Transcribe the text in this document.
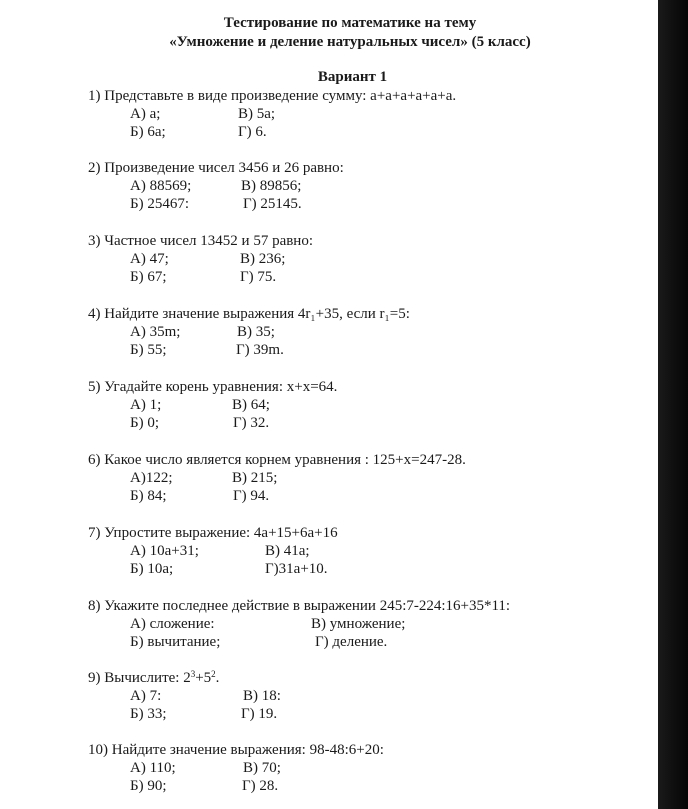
Тестирование по математике на тему
«Умножение и деление натуральных чисел» (5 класс)
Вариант 1
1) Представьте в виде произведение сумму: a+a+a+a+a+a.
А) а;	В) 5а;
Б) 6а;	Г) 6.
2) Произведение чисел 3456 и 26 равно:
А) 88569;	В) 89856;
Б) 25467:	Г) 25145.
3) Частное чисел 13452 и 57 равно:
А) 47;	В) 236;
Б) 67;	Г) 75.
4) Найдите значение выражения 4r₁+35, если r₁=5:
А) 35m;	В) 35;
Б) 55;	Г) 39m.
5) Угадайте корень уравнения: x+x=64.
А) 1;	В) 64;
Б) 0;	Г) 32.
6) Какое число является корнем уравнения : 125+x=247-28.
А)122;	В) 215;
Б) 84;	Г) 94.
7) Упростите выражение: 4a+15+6a+16
А) 10a+31;	В) 41a;
Б) 10a;	Г)31a+10.
8) Укажите последнее действие в выражении 245:7-224:16+35*11:
А) сложение:	В) умножение;
Б) вычитание;	Г) деление.
9) Вычислите: $2^3+5^2$.
А) 7:	В) 18:
Б) 33;	Г) 19.
10) Найдите значение выражения: 98-48:6+20:
А) 110;	В) 70;
Б) 90;	Г) 28.
